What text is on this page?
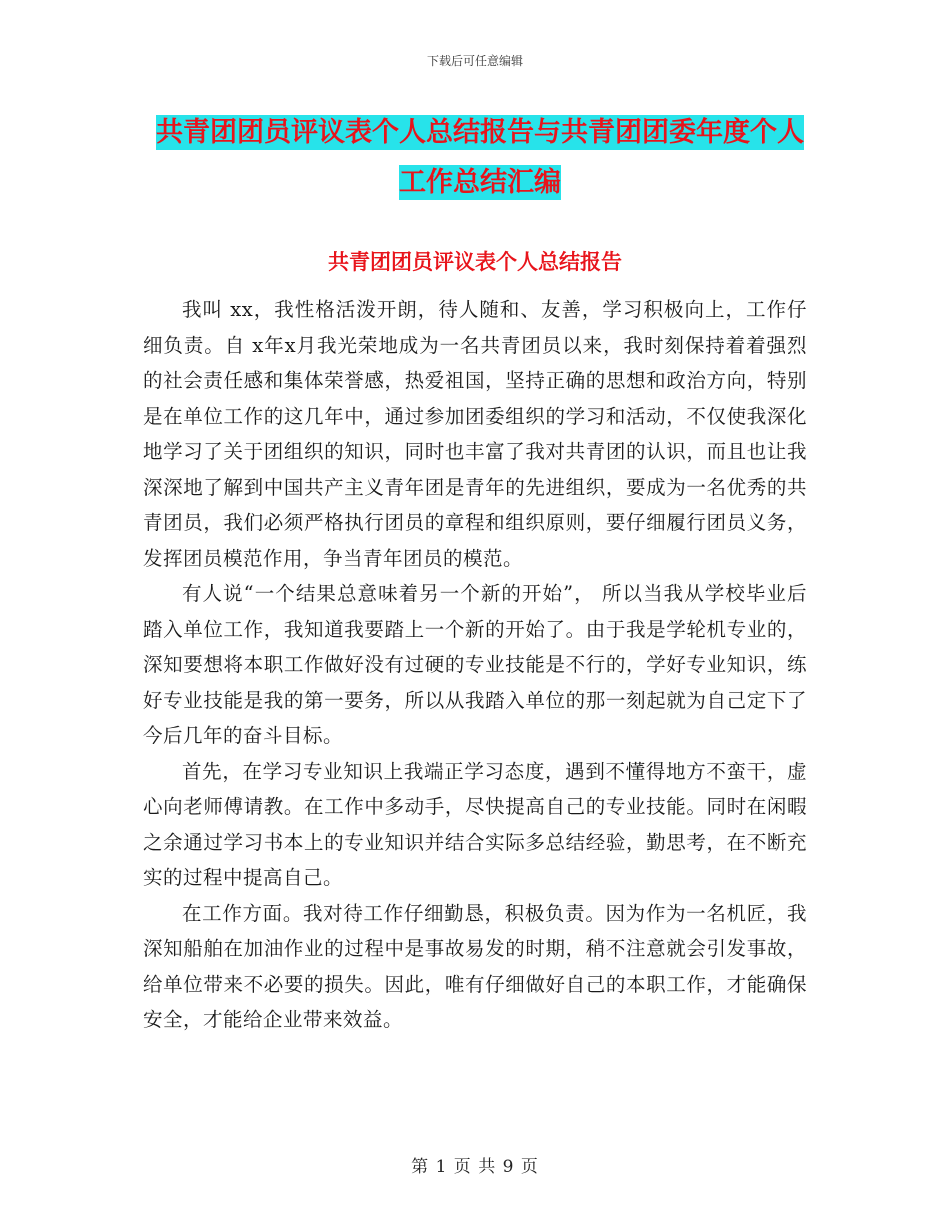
下载后可任意编辑
共青团团员评议表个人总结报告与共青团团委年度个人工作总结汇编
共青团团员评议表个人总结报告

我叫 xx，我性格活泼开朗，待人随和、友善，学习积极向上，工作仔细负责。自 x年x月我光荣地成为一名共青团员以来，我时刻保持着着强烈的社会责任感和集体荣誉感，热爱祖国，坚持正确的思想和政治方向，特别是在单位工作的这几年中，通过参加团委组织的学习和活动，不仅使我深化地学习了关于团组织的知识，同时也丰富了我对共青团的认识，而且也让我深深地了解到中国共产主义青年团是青年的先进组织，要成为一名优秀的共青团员，我们必须严格执行团员的章程和组织原则，要仔细履行团员义务，发挥团员模范作用，争当青年团员的模范。

有人说“一个结果总意味着另一个新的开始”， 所以当我从学校毕业后踏入单位工作，我知道我要踏上一个新的开始了。由于我是学轮机专业的，深知要想将本职工作做好没有过硬的专业技能是不行的，学好专业知识，练好专业技能是我的第一要务，所以从我踏入单位的那一刻起就为自己定下了今后几年的奋斗目标。

首先，在学习专业知识上我端正学习态度，遇到不懂得地方不蛮干，虚心向老师傅请教。在工作中多动手，尽快提高自己的专业技能。同时在闲暇之余通过学习书本上的专业知识并结合实际多总结经验，勤思考，在不断充实的过程中提高自己。

在工作方面。我对待工作仔细勤恳，积极负责。因为作为一名机匠，我深知船舶在加油作业的过程中是事故易发的时期，稍不注意就会引发事故，给单位带来不必要的损失。因此，唯有仔细做好自己的本职工作，才能确保安全，才能给企业带来效益。

第 1 页 共 9 页
